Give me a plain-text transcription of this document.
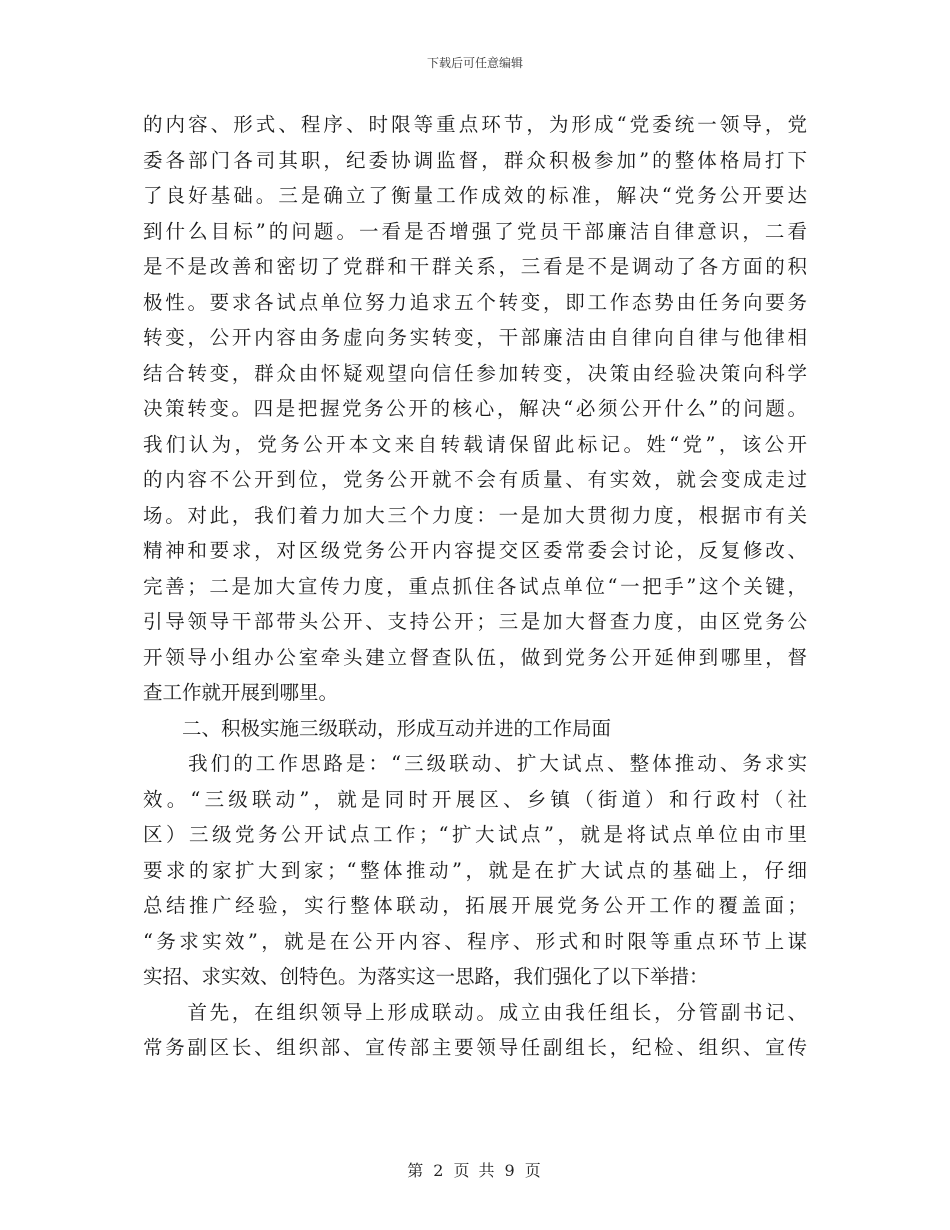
下载后可任意编辑
的内容、形式、程序、时限等重点环节，为形成“党委统一领导，党
委各部门各司其职，纪委协调监督，群众积极参加”的整体格局打下
了良好基础。三是确立了衡量工作成效的标准，解决“党务公开要达
到什么目标”的问题。一看是否增强了党员干部廉洁自律意识，二看
是不是改善和密切了党群和干群关系，三看是不是调动了各方面的积
极性。要求各试点单位努力追求五个转变，即工作态势由任务向要务
转变，公开内容由务虚向务实转变，干部廉洁由自律向自律与他律相
结合转变，群众由怀疑观望向信任参加转变，决策由经验决策向科学
决策转变。四是把握党务公开的核心，解决“必须公开什么”的问题。
我们认为，党务公开本文来自转载请保留此标记。姓“党”，该公开
的内容不公开到位，党务公开就不会有质量、有实效，就会变成走过
场。对此，我们着力加大三个力度：一是加大贯彻力度，根据市有关
精神和要求，对区级党务公开内容提交区委常委会讨论，反复修改、
完善；二是加大宣传力度，重点抓住各试点单位“一把手”这个关键，
引导领导干部带头公开、支持公开；三是加大督查力度，由区党务公
开领导小组办公室牵头建立督查队伍，做到党务公开延伸到哪里，督
查工作就开展到哪里。
　　二、积极实施三级联动，形成互动并进的工作局面
　　我们的工作思路是：“三级联动、扩大试点、整体推动、务求实
效。“三级联动”，就是同时开展区、乡镇（街道）和行政村（社
区）三级党务公开试点工作；“扩大试点”，就是将试点单位由市里
要求的家扩大到家；“整体推动”，就是在扩大试点的基础上，仔细
总结推广经验，实行整体联动，拓展开展党务公开工作的覆盖面；
“务求实效”，就是在公开内容、程序、形式和时限等重点环节上谋
实招、求实效、创特色。为落实这一思路，我们强化了以下举措：
　　首先，在组织领导上形成联动。成立由我任组长，分管副书记、
常务副区长、组织部、宣传部主要领导任副组长，纪检、组织、宣传
第 2 页 共 9 页
